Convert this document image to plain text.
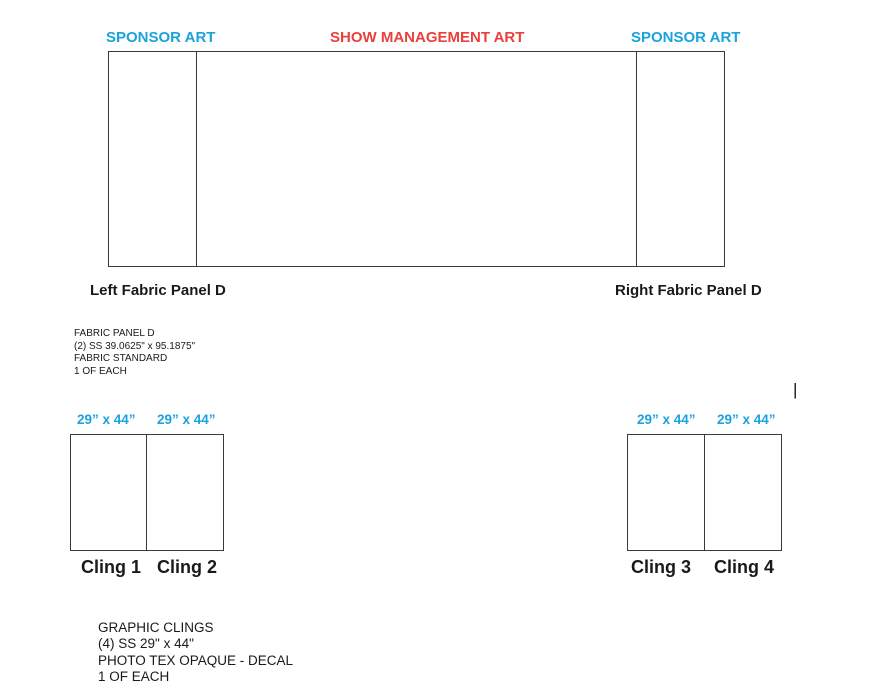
SPONSOR ART	SHOW MANAGEMENT ART	SPONSOR ART
Left Fabric Panel D	Right Fabric Panel D
FABRIC PANEL D
(2) SS 39.0625" x 95.1875"
FABRIC STANDARD
1 OF EACH
|
29” x 44” 29” x 44”	29” x 44” 29” x 44”
Cling 1 Cling 2	Cling 3 Cling 4
GRAPHIC CLINGS
(4) SS 29" x 44"
PHOTO TEX OPAQUE - DECAL
1 OF EACH
